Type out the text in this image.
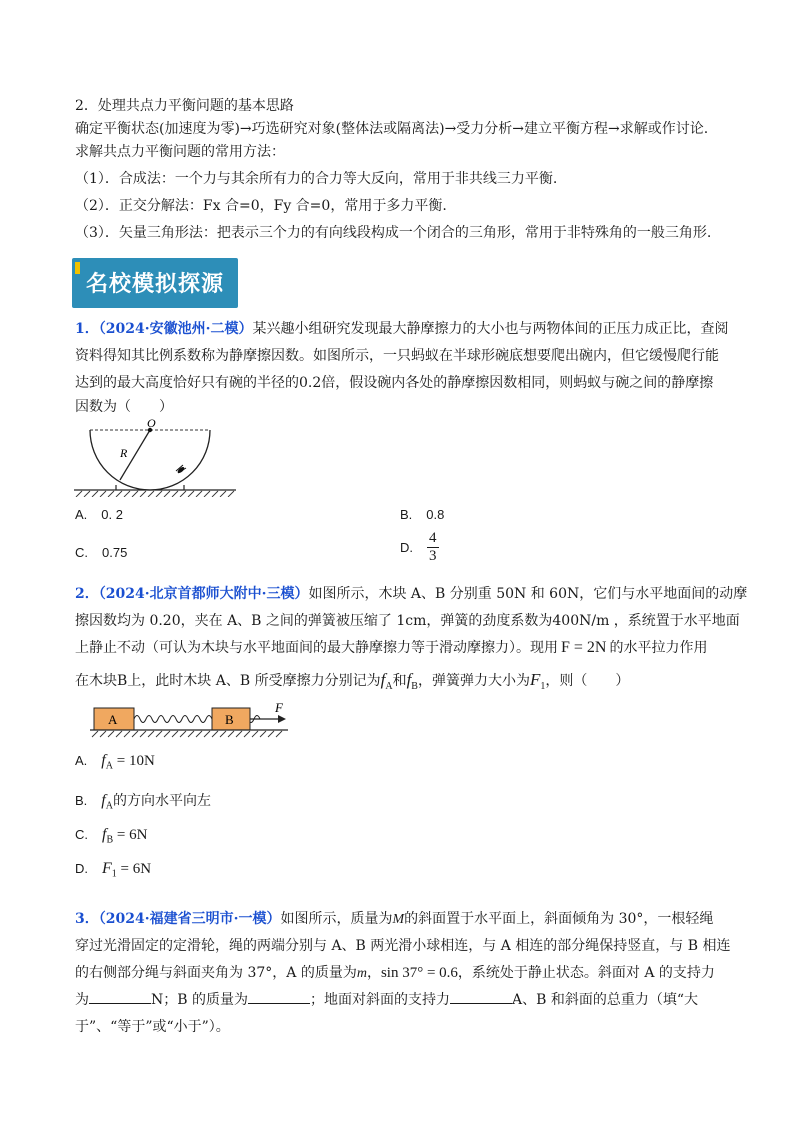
2．处理共点力平衡问题的基本思路
确定平衡状态(加速度为零)→巧选研究对象(整体法或隔离法)→受力分析→建立平衡方程→求解或作讨论.
求解共点力平衡问题的常用方法：
（1）．合成法：一个力与其余所有力的合力等大反向，常用于非共线三力平衡.
（2）．正交分解法：Fx 合=0，Fy 合=0，常用于多力平衡.
（3）．矢量三角形法：把表示三个力的有向线段构成一个闭合的三角形，常用于非特殊角的一般三角形.
名校模拟探源
1．（2024·安徽池州·二模）某兴趣小组研究发现最大静摩擦力的大小也与两物体间的正压力成正比，查阅
资料得知其比例系数称为静摩擦因数。如图所示，一只蚂蚁在半球形碗底想要爬出碗内，但它缓慢爬行能
达到的最大高度恰好只有碗的半径的0.2倍，假设碗内各处的静摩擦因数相同，则蚂蚁与碗之间的静摩擦
因数为（　　）
O
R
A. 0. 2	B. 0.8
C. 0.75	D. $\frac{4}{3}$
2．（2024·北京首都师大附中·三模）如图所示，木块 A、B 分别重 50N 和 60N，它们与水平地面间的动摩
擦因数均为 0.20，夹在 A、B 之间的弹簧被压缩了 1cm，弹簧的劲度系数为400N/m ，系统置于水平地面
上静止不动（可认为木块与水平地面间的最大静摩擦力等于滑动摩擦力）。现用 F = 2N 的水平拉力作用
在木块B上，此时木块 A、B 所受摩擦力分别记为$f_A$和$f_B$，弹簧弹力大小为$F_1$，则（　　）
A	B
F
A. $f_A = 10N$
B. $f_A$的方向水平向左
C. $f_B = 6N$
D. $F_1 = 6N$
3．（2024·福建省三明市·一模）如图所示，质量为M的斜面置于水平面上，斜面倾角为 30°，一根轻绳
穿过光滑固定的定滑轮，绳的两端分别与 A、B 两光滑小球相连，与 A 相连的部分绳保持竖直，与 B 相连
的右侧部分绳与斜面夹角为 37°，A 的质量为m，sin 37° = 0.6，系统处于静止状态。斜面对 A 的支持力
为	N；B 的质量为	；地面对斜面的支持力	A、B 和斜面的总重力（填“大
于”、“等于”或“小于”）。
